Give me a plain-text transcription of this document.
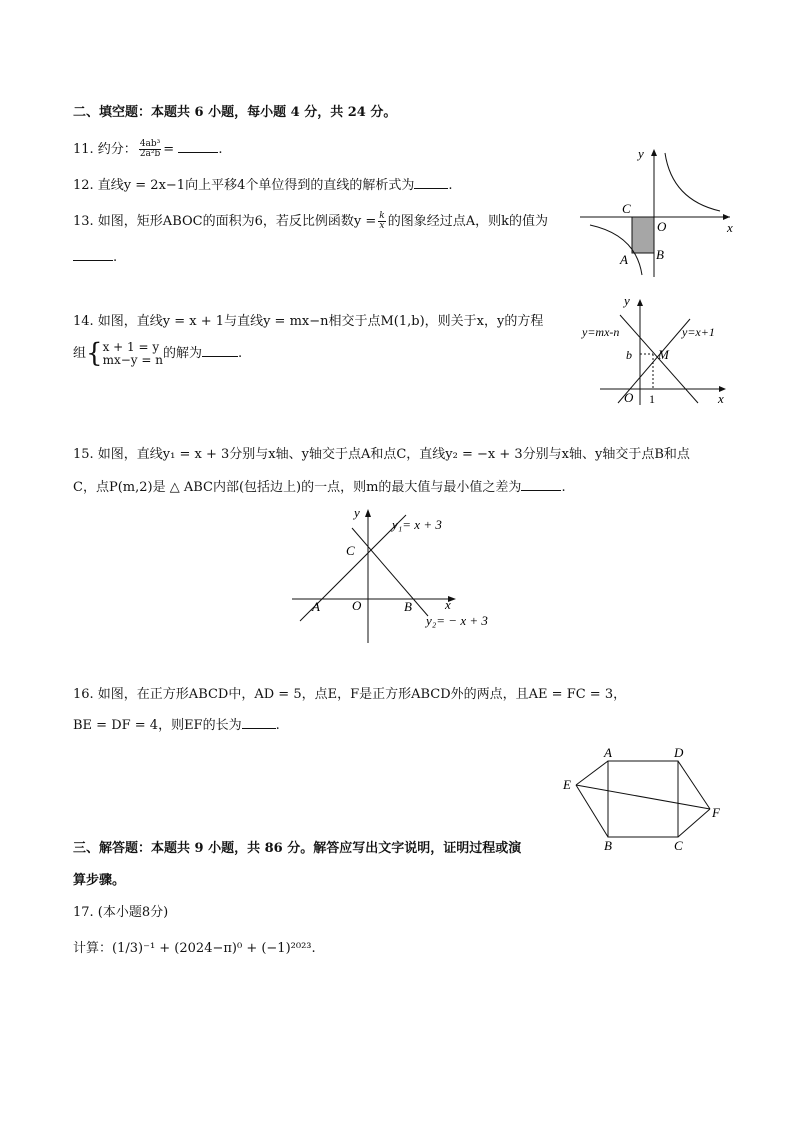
二、填空题：本题共 6 小题，每小题 4 分，共 24 分。
11. 约分： $\frac{\text{4ab³}}{\text{2a²b}}$ =	.
12. 直线y = 2x−1向上平移4个单位得到的直线的解析式为	.
13. 如图，矩形ABOC的面积为6，若反比例函数$y = \frac{k}{x}$ 的图象经过点A，则k的值为
.
y
x
C
O
A B
14. 如图，直线y = x + 1与直线y = mx−n相交于点M(1,b)，则关于x，y的方程
组{ x + 1 = y
mx−y = n 的解为	.
y
x
O 1
b M
y=mx-n	y=x+1
15. 如图，直线y₁ = x + 3分别与x轴、y轴交于点A和点C，直线y₂ = −x + 3分别与x轴、y轴交于点B和点
C，点P(m,2)是 △ ABC内部(包括边上)的一点，则m的最大值与最小值之差为	.
y
x
C
O
A	B
y₁= x + 3
y₂= − x + 3
16. 如图，在正方形ABCD中，AD = 5，点E，F是正方形ABCD外的两点，且AE = FC = 3，
BE = DF = 4，则EF的长为	.
A	D
E
F
B	C
三、解答题：本题共 9 小题，共 86 分。解答应写出文字说明，证明过程或演
算步骤。
17. (本小题8分)
计算：(1/3)⁻¹ + (2024−π)⁰ + (−1)²⁰²³.
